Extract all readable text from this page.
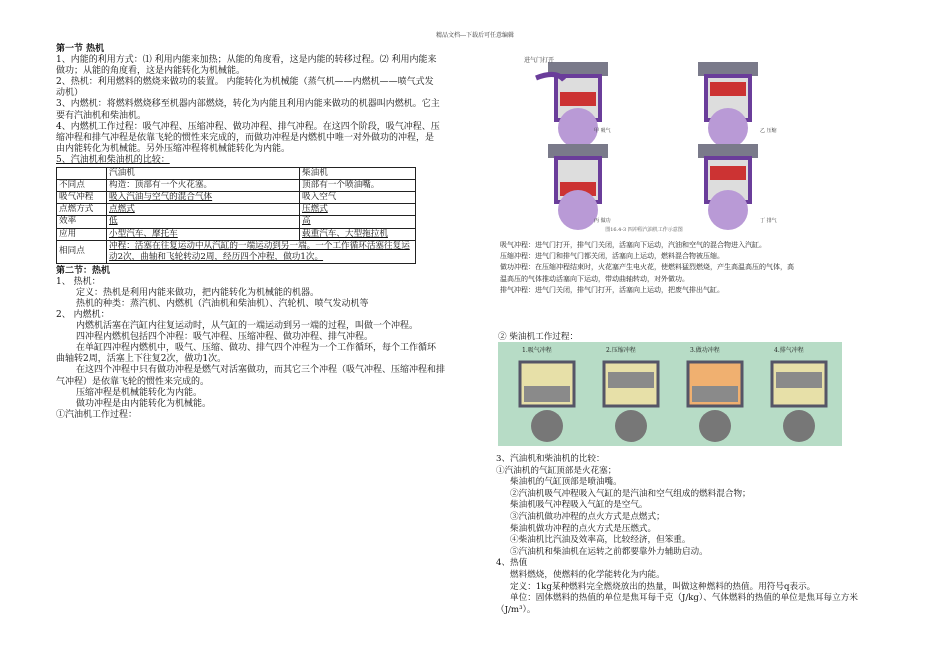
精品文档---下载后可任意编辑
第一节 热机
1、内能的利用方式：⑴ 利用内能来加热；从能的角度看，这是内能的转移过程。⑵ 利用内能来
做功；从能的角度看，这是内能转化为机械能。
2、热机：利用燃料的燃烧来做功的装置。 内能转化为机械能（蒸气机——内燃机——喷气式发
动机）
3、内燃机：将燃料燃烧移至机器内部燃烧，转化为内能且利用内能来做功的机器叫内燃机。它主
要有汽油机和柴油机。
4、内燃机工作过程：吸气冲程、压缩冲程、做功冲程、排气冲程。在这四个阶段，吸气冲程、压
缩冲程和排气冲程是依靠飞轮的惯性来完成的，而做功冲程是内燃机中唯一对外做功的冲程，是
由内能转化为机械能。另外压缩冲程将机械能转化为内能。
5、汽油机和柴油机的比较：
	汽油机	柴油机
不同点	构造：顶部有一个火花塞。	顶部有一个喷油嘴。
吸气冲程	吸入汽油与空气的混合气体	吸入空气
点燃方式	点燃式	压燃式
效率	低	高
应用	小型汽车、摩托车	载重汽车、大型拖拉机
相同点	冲程：活塞在往复运动中从汽缸的一端运动到另一端。一个工作循环活塞往复运动2次，曲轴和飞轮转动2周，经历四个冲程，做功1次。	
第二节：热机
1、 热机：
定义：热机是利用内能来做功，把内能转化为机械能的机器。
热机的种类：蒸汽机、内燃机（汽油机和柴油机）、汽轮机、喷气发动机等
2、 内燃机：
内燃机活塞在汽缸内往复运动时，从气缸的一端运动到另一端的过程，叫做一个冲程。
四冲程内燃机包括四个冲程：吸气冲程、压缩冲程、做功冲程、排气冲程。
在单缸四冲程内燃机中，吸气、压缩、做功、排气四个冲程为一个工作循环，每个工作循环
曲轴转2周，活塞上下往复2次，做功1次。
在这四个冲程中只有做功冲程是燃气对活塞做功，而其它三个冲程（吸气冲程、压缩冲程和排
气冲程）是依靠飞轮的惯性来完成的。
压缩冲程是机械能转化为内能。
做功冲程是由内能转化为机械能。
①汽油机工作过程：
进气门打开
甲 吸气	乙 压缩
丙 做功	丁 排气
图16.4-3 四冲程汽油机工作示意图
吸气冲程：进气门打开，排气门关闭，活塞向下运动，汽油和空气的混合物进入汽缸。
压缩冲程：进气门和排气门都关闭，活塞向上运动，燃料混合物被压缩。
做功冲程：在压缩冲程结束时，火花塞产生电火花，使燃料猛烈燃烧，产生高温高压的气体，高温高压的气体推动活塞向下运动，带动曲轴转动，对外做功。
排气冲程：进气门关闭，排气门打开，活塞向上运动，把废气排出气缸。
② 柴油机工作过程：
1.吸气冲程	2.压缩冲程	3.做功冲程	4.排气冲程
3、汽油机和柴油机的比较：
①汽油机的气缸顶部是火花塞；
柴油机的气缸顶部是喷油嘴。
②汽油机吸气冲程吸入气缸的是汽油和空气组成的燃料混合物；
柴油机吸气冲程吸入气缸的是空气。
③汽油机做功冲程的点火方式是点燃式；
柴油机做功冲程的点火方式是压燃式。
④柴油机比汽油及效率高，比较经济，但笨重。
⑤汽油机和柴油机在运转之前都要靠外力辅助启动。
4、热值
燃料燃烧，使燃料的化学能转化为内能。
定义：1kg某种燃料完全燃烧放出的热量，叫做这种燃料的热值。用符号q表示。
单位：固体燃料的热值的单位是焦耳每千克（J/kg）、气体燃料的热值的单位是焦耳每立方米
（J/m³）。
